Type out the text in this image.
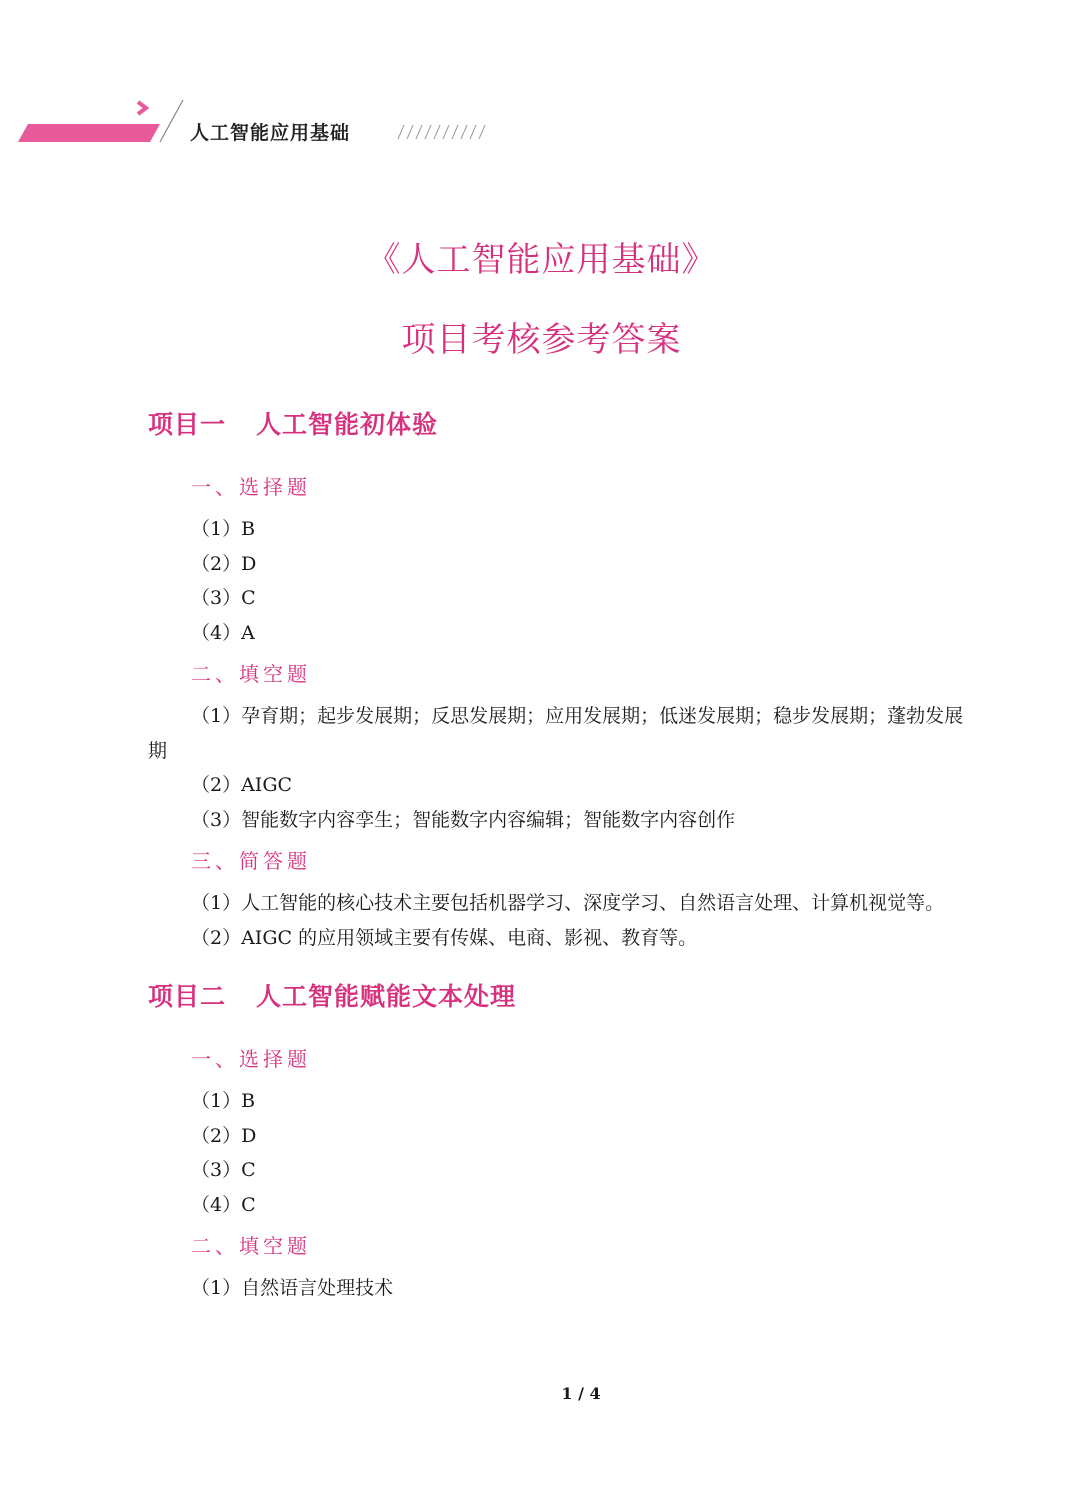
人工智能应用基础
《人工智能应用基础》
项目考核参考答案
项目一 人工智能初体验
一、选择题

（1）B

（2）D

（3）C

（4）A

二、填空题

（1）孕育期；起步发展期；反思发展期；应用发展期；低迷发展期；稳步发展期；蓬勃发展期

（2）AIGC

（3）智能数字内容孪生；智能数字内容编辑；智能数字内容创作

三、简答题

（1）人工智能的核心技术主要包括机器学习、深度学习、自然语言处理、计算机视觉等。

（2）AIGC 的应用领域主要有传媒、电商、影视、教育等。

项目二 人工智能赋能文本处理
一、选择题

（1）B

（2）D

（3）C

（4）C

二、填空题

（1）自然语言处理技术

1 / 4
